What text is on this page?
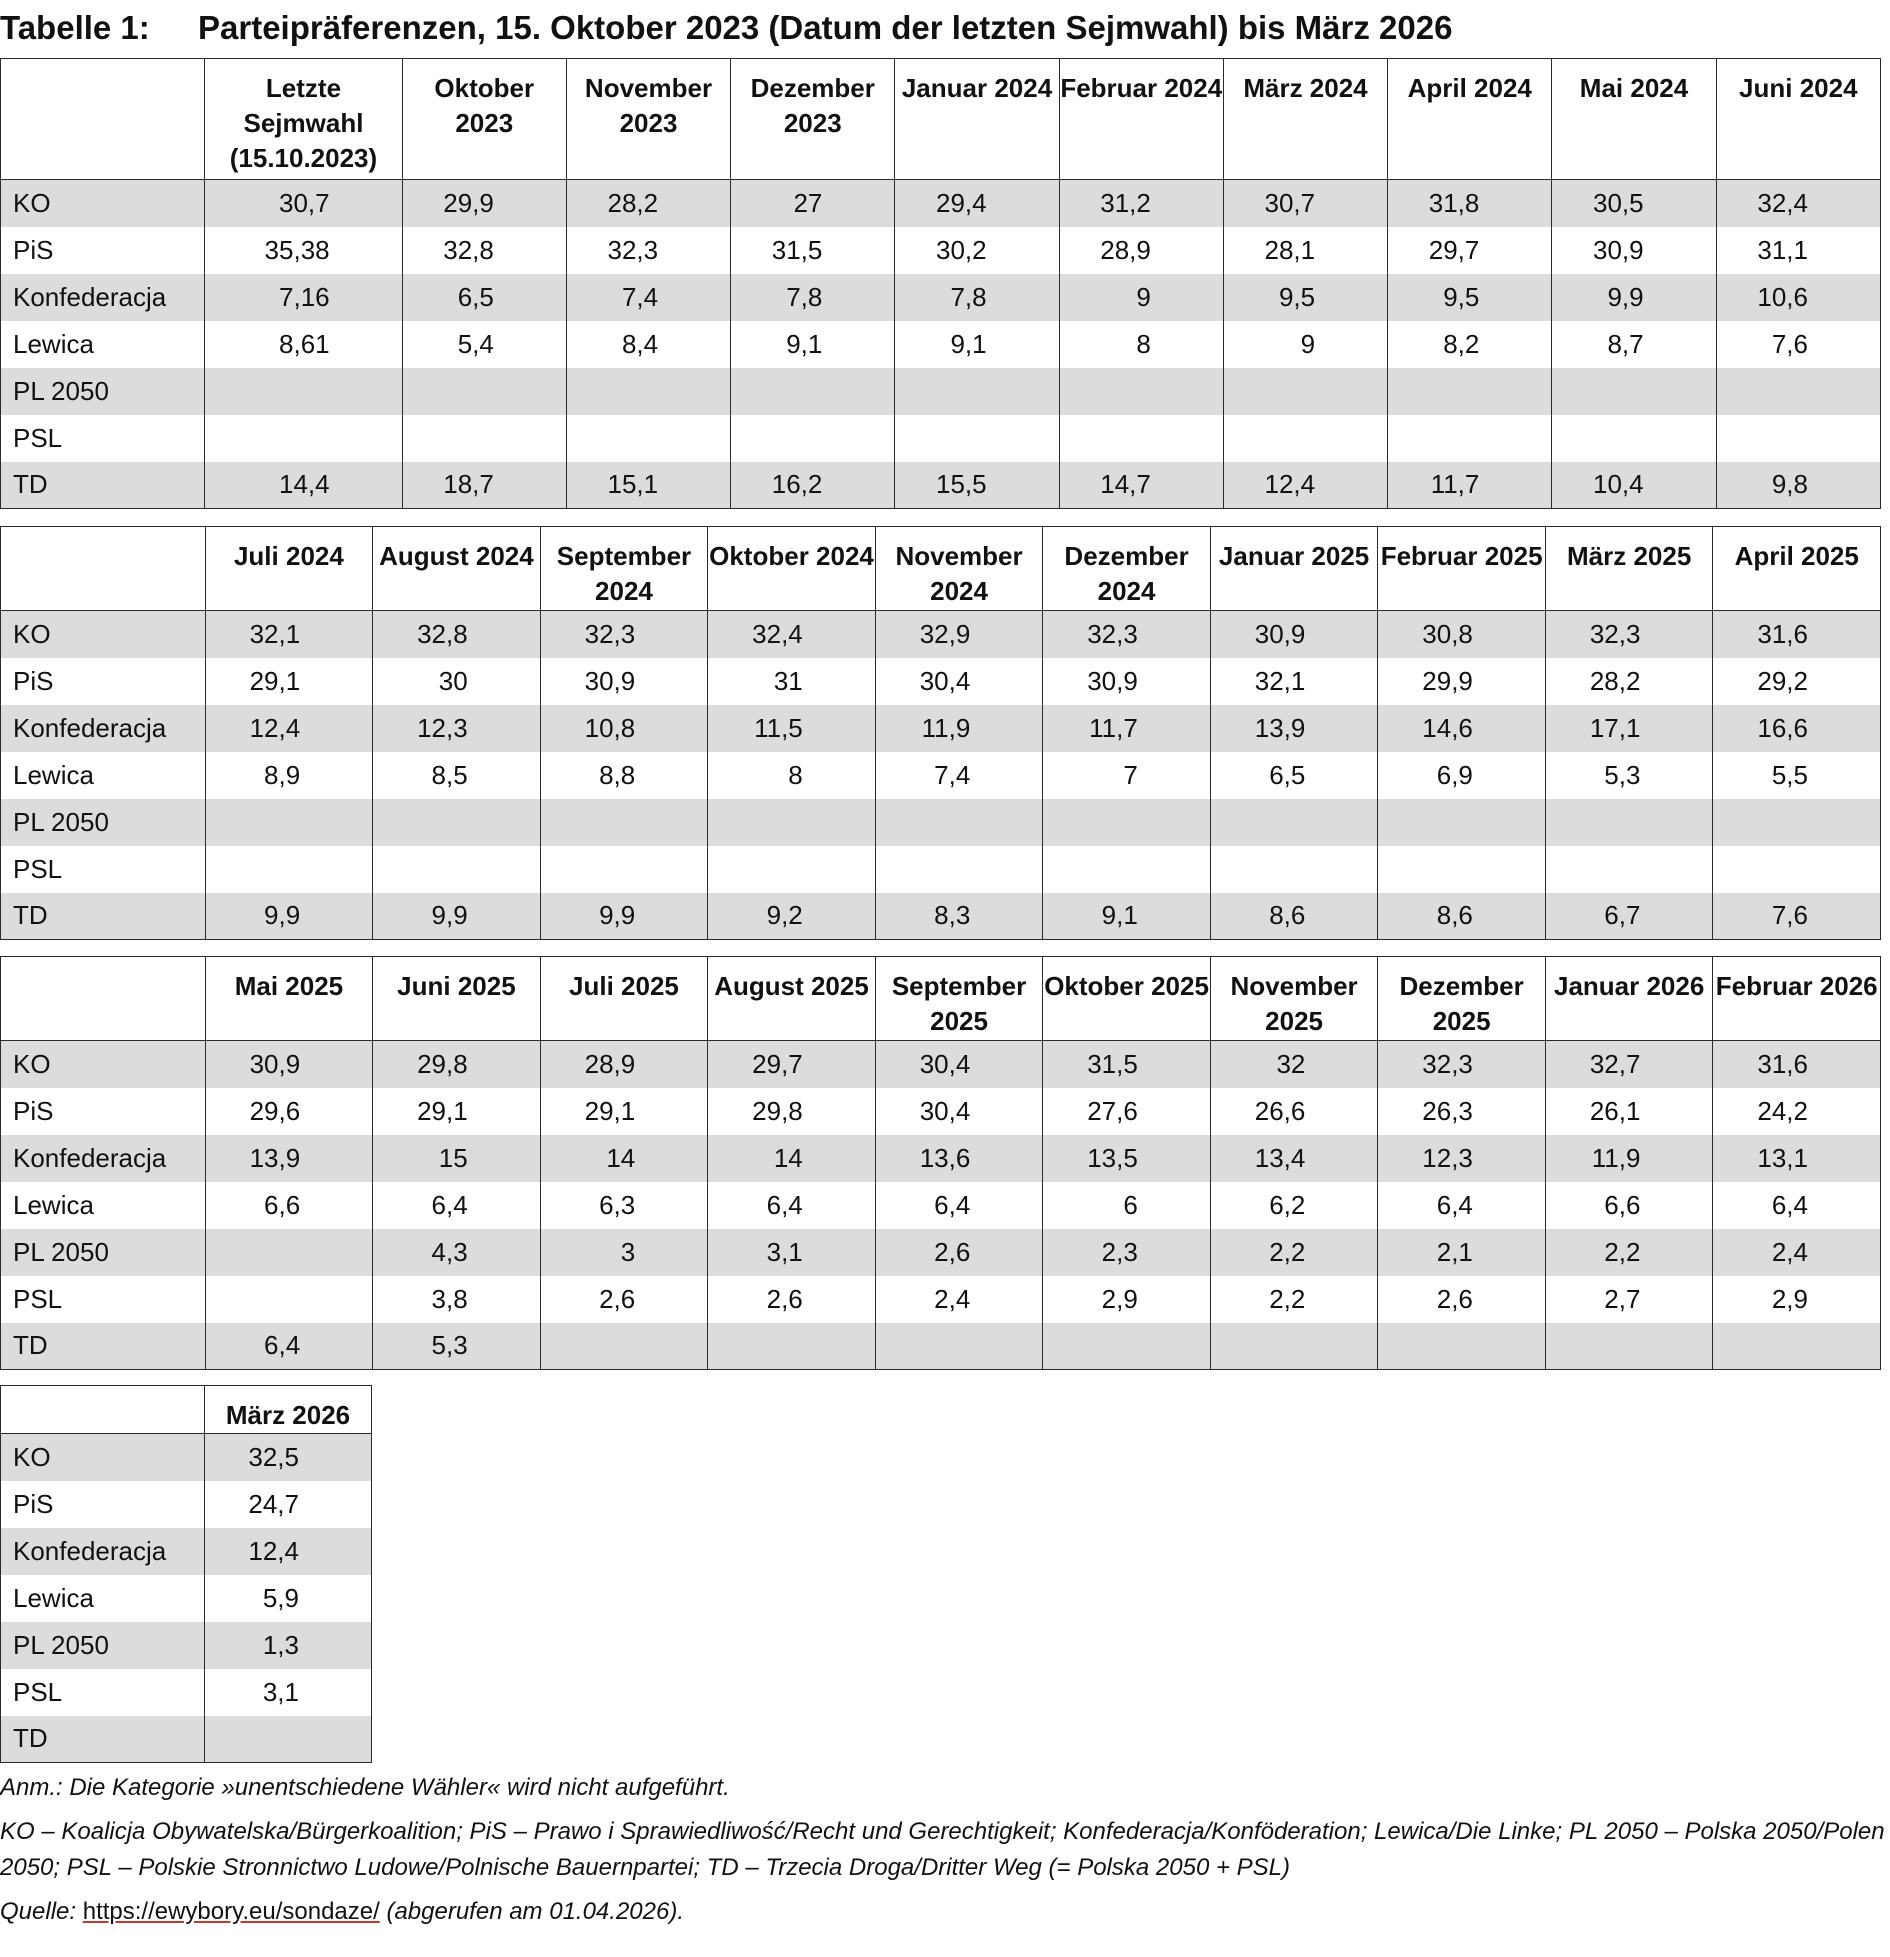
Tabelle 1: Parteipräferenzen, 15. Oktober 2023 (Datum der letzten Sejmwahl) bis März 2026
	Letzte Sejmwahl (15.10.2023)	Oktober 2023	November 2023	Dezember 2023	Januar 2024	Februar 2024	März 2024	April 2024	Mai 2024	Juni 2024
KO	30,7	29,9	28,2	27	29,4	31,2	30,7	31,8	30,5	32,4
PiS	35,38	32,8	32,3	31,5	30,2	28,9	28,1	29,7	30,9	31,1
Konfederacja	7,16	6,5	7,4	7,8	7,8	9	9,5	9,5	9,9	10,6
Lewica	8,61	5,4	8,4	9,1	9,1	8	9	8,2	8,7	7,6
PL 2050										
PSL										
TD	14,4	18,7	15,1	16,2	15,5	14,7	12,4	11,7	10,4	9,8
	Juli 2024	August 2024	September 2024	Oktober 2024	November 2024	Dezember 2024	Januar 2025	Februar 2025	März 2025	April 2025
KO	32,1	32,8	32,3	32,4	32,9	32,3	30,9	30,8	32,3	31,6
PiS	29,1	30	30,9	31	30,4	30,9	32,1	29,9	28,2	29,2
Konfederacja	12,4	12,3	10,8	11,5	11,9	11,7	13,9	14,6	17,1	16,6
Lewica	8,9	8,5	8,8	8	7,4	7	6,5	6,9	5,3	5,5
PL 2050										
PSL										
TD	9,9	9,9	9,9	9,2	8,3	9,1	8,6	8,6	6,7	7,6
	Mai 2025	Juni 2025	Juli 2025	August 2025	September 2025	Oktober 2025	November 2025	Dezember 2025	Januar 2026	Februar 2026
KO	30,9	29,8	28,9	29,7	30,4	31,5	32	32,3	32,7	31,6
PiS	29,6	29,1	29,1	29,8	30,4	27,6	26,6	26,3	26,1	24,2
Konfederacja	13,9	15	14	14	13,6	13,5	13,4	12,3	11,9	13,1
Lewica	6,6	6,4	6,3	6,4	6,4	6	6,2	6,4	6,6	6,4
PL 2050		4,3	3	3,1	2,6	2,3	2,2	2,1	2,2	2,4
PSL		3,8	2,6	2,6	2,4	2,9	2,2	2,6	2,7	2,9
TD	6,4	5,3								
	März 2026
KO	32,5
PiS	24,7
Konfederacja	12,4
Lewica	5,9
PL 2050	1,3
PSL	3,1
TD	

Anm.: Die Kategorie »unentschiedene Wähler« wird nicht aufgeführt.

KO – Koalicja Obywatelska/Bürgerkoalition; PiS – Prawo i Sprawiedliwość/Recht und Gerechtigkeit; Konfederacja/Konföderation; Lewica/Die Linke; PL 2050 – Polska 2050/Polen 2050; PSL – Polskie Stronnictwo Ludowe/Polnische Bauernpartei; TD – Trzecia Droga/Dritter Weg (= Polska 2050 + PSL)

Quelle: https://ewybory.eu/sondaze/ (abgerufen am 01.04.2026).
